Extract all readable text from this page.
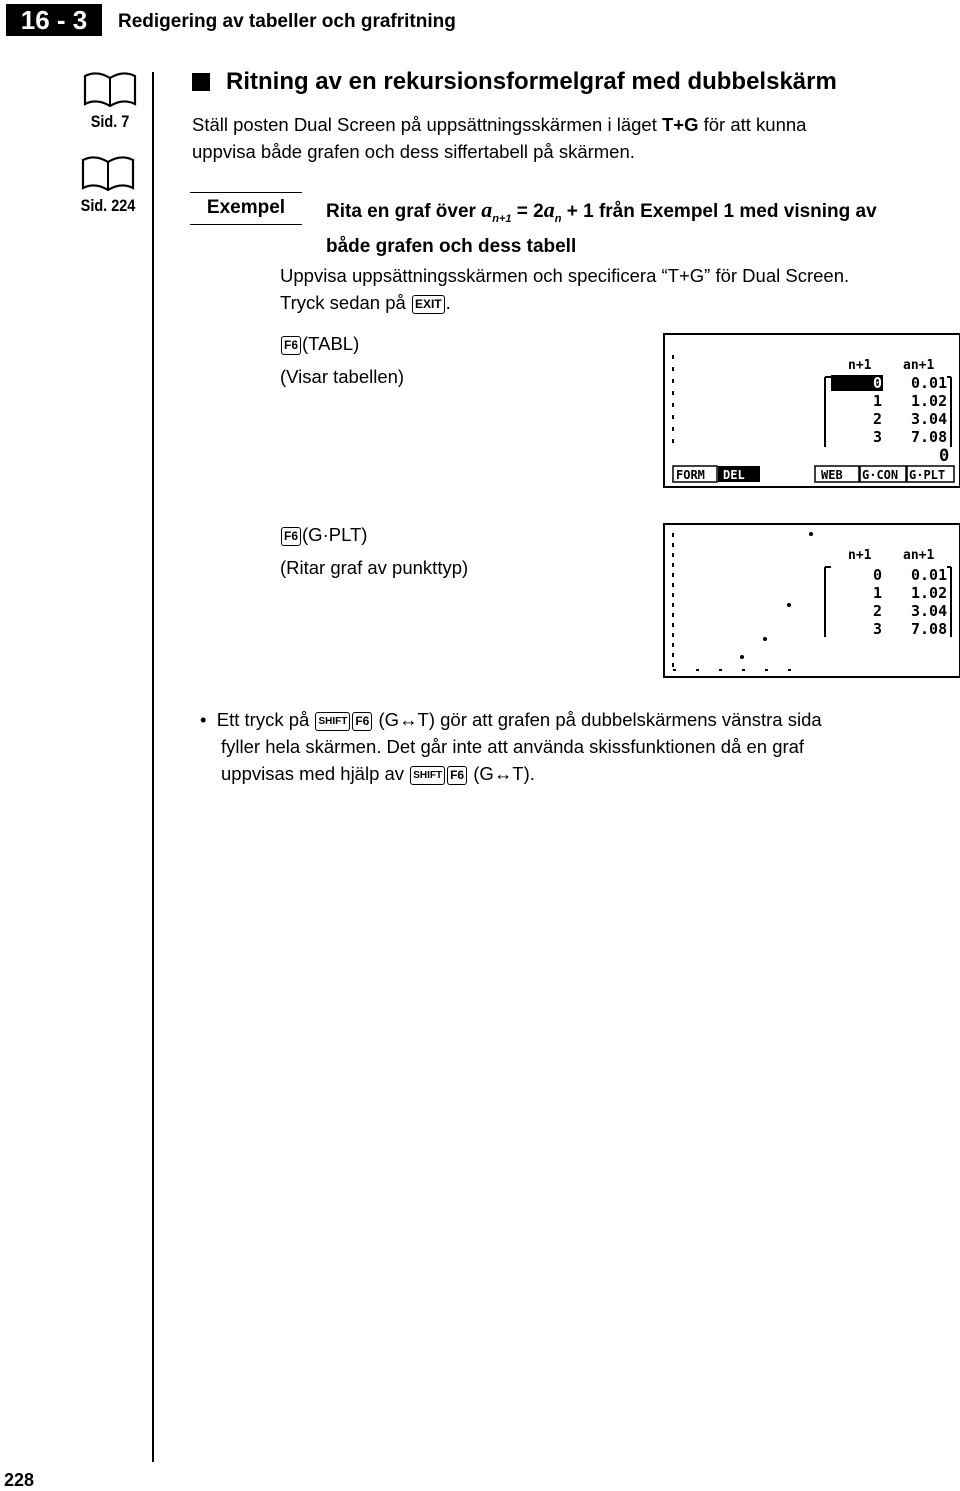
16 - 3	Redigering av tabeller och grafritning
Sid. 7
Sid. 224
Ritning av en rekursionsformelgraf med dubbelskärm
Ställ posten Dual Screen på uppsättningsskärmen i läget T+G för att kunna
uppvisa både grafen och dess siffertabell på skärmen.
Exempel	Rita en graf över $a_{n+1} = 2a_n + 1$ från Exempel 1 med visning av
både grafen och dess tabell
Uppvisa uppsättningsskärmen och specificera “T+G” för Dual Screen.
Tryck sedan på EXIT .
F6 (TABL)
(Visar tabellen)
n+1 an+1
0 0.01
1 1.02
2 3.04
3 7.08
0
FORM DEL	WEB G·CON G·PLT
F6 (G·PLT)
(Ritar graf av punkttyp)
n+1 an+1
0 0.01
1 1.02
2 3.04
3 7.08
• Ett tryck på SHIFT F6 (G↔T) gör att grafen på dubbelskärmens vänstra sida
fyller hela skärmen. Det går inte att använda skissfunktionen då en graf
uppvisas med hjälp av SHIFT F6 (G↔T).
228
